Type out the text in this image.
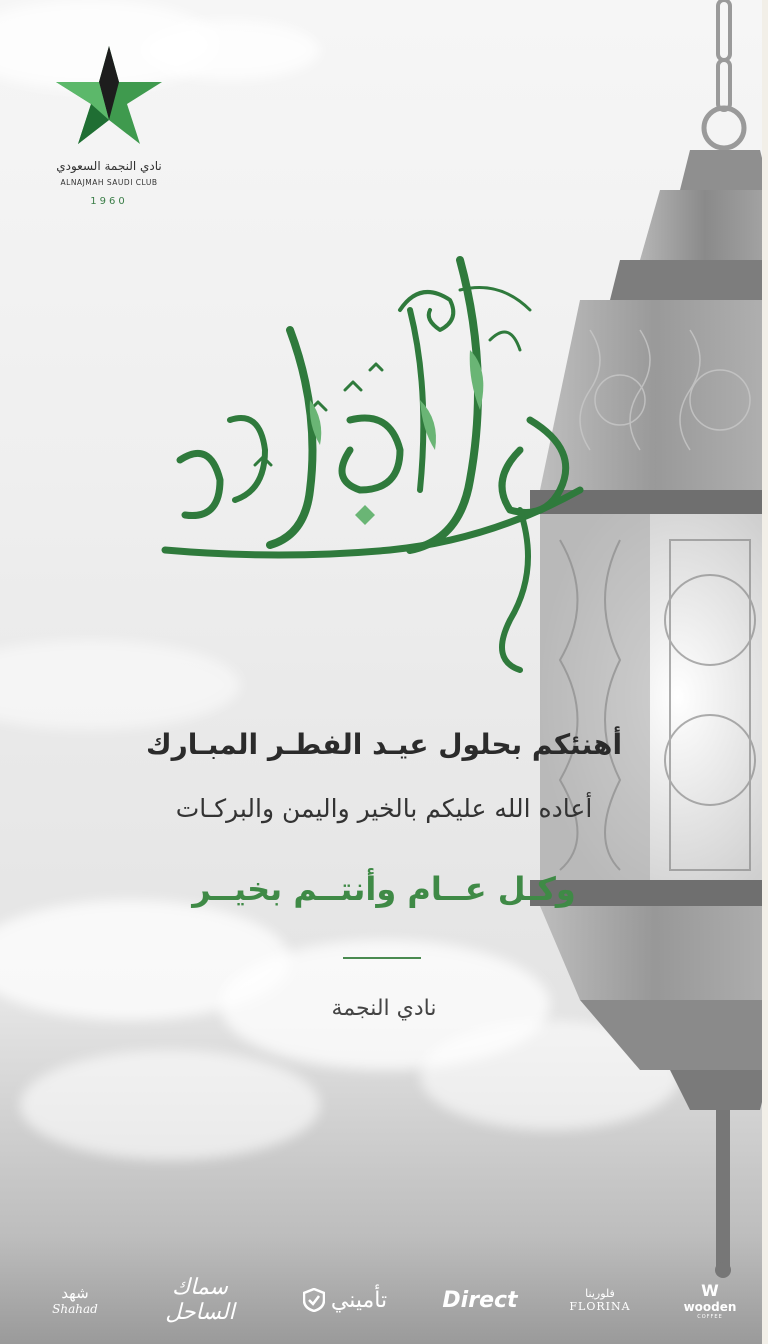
نادي النجمة السعودي
ALNAJMAH SAUDI CLUB
1960
أهنئكم بحلول عيـد الفطـر المبـارك
أعاده الله عليكم بالخير واليمن والبركـات
وكـل عــام وأنتــم بخيــر
نادي النجمة
شهد
Shahad
سماك الساحل	تأميني	Direct	فلورينا
FLORINA
W
wooden
COFFEE
